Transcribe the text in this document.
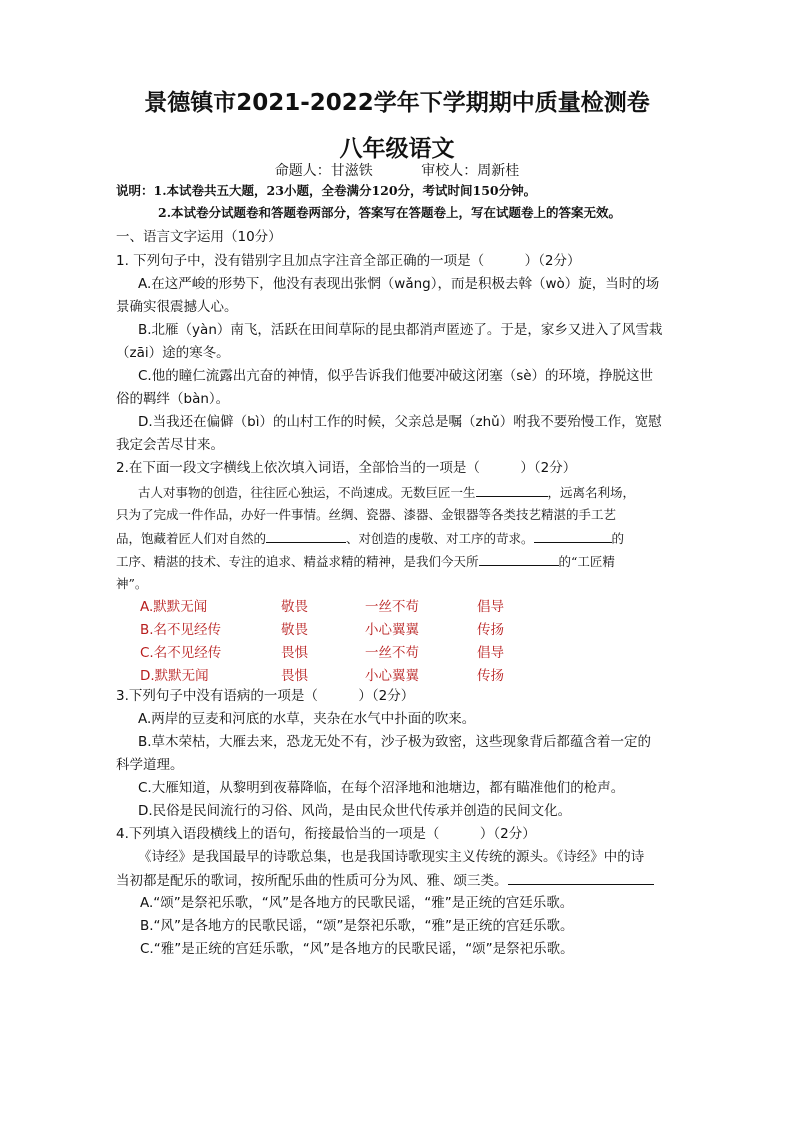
景德镇市2021-2022学年下学期期中质量检测卷
八年级语文
命题人：甘滋铁	审校人：周新桂
说明：1.本试卷共五大题，23小题，全卷满分120分，考试时间150分钟。
2.本试卷分试题卷和答题卷两部分，答案写在答题卷上，写在试题卷上的答案无效。
一、语言文字运用（10分）
1. 下列句子中，没有错别字且加点字注音全部正确的一项是（　　　）（2分）
A.在这严峻的形势下，他没有表现出张惘（wǎng），而是积极去斡（wò）旋，当时的场
景确实很震撼人心。
B.北雁（yàn）南飞，活跃在田间草际的昆虫都消声匿迹了。于是，家乡又进入了风雪栽
（zāi）途的寒冬。
C.他的瞳仁流露出亢奋的神情，似乎告诉我们他要冲破这闭塞（sè）的环境，挣脱这世
俗的羁绊（bàn）。
D.当我还在偏僻（bì）的山村工作的时候，父亲总是嘱（zhǔ）咐我不要殆慢工作，宽慰
我定会苦尽甘来。
2.在下面一段文字横线上依次填入词语，全部恰当的一项是（　　　）（2分）
古人对事物的创造，往往匠心独运，不尚速成。无数巨匠一生	，远离名利场，
只为了完成一件作品，办好一件事情。丝绸、瓷器、漆器、金银器等各类技艺精湛的手工艺
品，饱藏着匠人们对自然的	、对创造的虔敬、对工序的苛求。	的
工序、精湛的技术、专注的追求、精益求精的精神，是我们今天所	的“工匠精
神”。
A.默默无闻	敬畏	一丝不苟	倡导
B.名不见经传	敬畏	小心翼翼	传扬
C.名不见经传	畏惧	一丝不苟	倡导
D.默默无闻	畏惧	小心翼翼	传扬
3.下列句子中没有语病的一项是（　　　）（2分）
A.两岸的豆麦和河底的水草，夹杂在水气中扑面的吹来。
B.草木荣枯，大雁去来，恐龙无处不有，沙子极为致密，这些现象背后都蕴含着一定的
科学道理。
C.大雁知道，从黎明到夜幕降临，在每个沼泽地和池塘边，都有瞄准他们的枪声。
D.民俗是民间流行的习俗、风尚，是由民众世代传承并创造的民间文化。
4.下列填入语段横线上的语句，衔接最恰当的一项是（　　　）（2分）
《诗经》是我国最早的诗歌总集，也是我国诗歌现实主义传统的源头。《诗经》中的诗
当初都是配乐的歌词，按所配乐曲的性质可分为风、雅、颂三类。
A.“颂”是祭祀乐歌，“风”是各地方的民歌民谣，“雅”是正统的宫廷乐歌。
B.“风”是各地方的民歌民谣，“颂”是祭祀乐歌，“雅”是正统的宫廷乐歌。
C.“雅”是正统的宫廷乐歌，“风”是各地方的民歌民谣，“颂”是祭祀乐歌。
